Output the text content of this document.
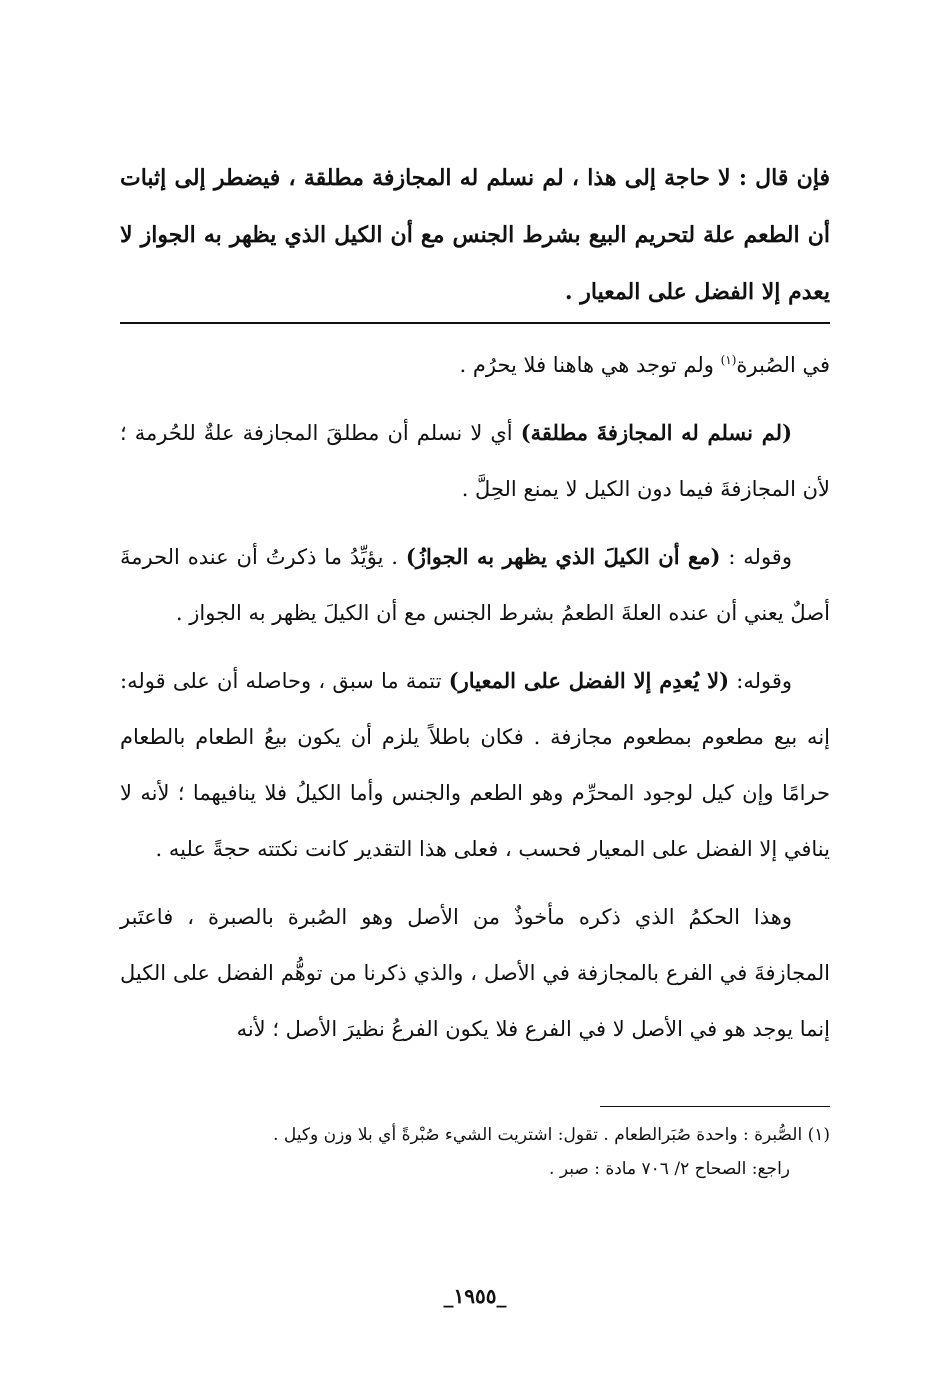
فإن قال : لا حاجة إلى هذا ، لم نسلم له المجازفة مطلقة ، فيضطر إلى إثبات أن الطعم علة لتحريم البيع بشرط الجنس مع أن الكيل الذي يظهر به الجواز لا يعدم إلا الفضل على المعيار .

في الصُبرة$^{(١)}$ ولم توجد هي هاهنا فلا يحرُم .

(لم نسلم له المجازفةَ مطلقة) أي لا نسلم أن مطلقَ المجازفة علةٌ للحُرمة ؛ لأن المجازفةَ فيما دون الكيل لا يمنع الحِلَّ .

وقوله : (مع أن الكيلَ الذي يظهر به الجوازُ) . يؤيِّدُ ما ذكرتُ أن عنده الحرمةَ أصلٌ يعني أن عنده العلةَ الطعمُ بشرط الجنس مع أن الكيلَ يظهر به الجواز .

وقوله: (لا يُعدِم إلا الفضل على المعيار) تتمة ما سبق ، وحاصله أن على قوله: إنه بيع مطعوم بمطعوم مجازفة . فكان باطلاً يلزم أن يكون بيعُ الطعام بالطعام حرامًا وإن كيل لوجود المحرِّم وهو الطعم والجنس وأما الكيلُ فلا ينافيهما ؛ لأنه لا ينافي إلا الفضل على المعيار فحسب ، فعلى هذا التقدير كانت نكتته حجةً عليه .

وهذا الحكمُ الذي ذكره مأخوذٌ من الأصل وهو الصُبرة بالصبرة ، فاعتَبر المجازفةَ في الفرع بالمجازفة في الأصل ، والذي ذكرنا من توهُّم الفضل على الكيل إنما يوجد هو في الأصل لا في الفرع فلا يكون الفرعُ نظيرَ الأصل ؛ لأنه

(١) الصُّبرة : واحدة صُبَرالطعام . تقول: اشتريت الشيء صُبْرةً أي بلا وزن وكيل .

راجع: الصحاح ٢/ ٧٠٦ مادة : صبر .

_١٩٥٥_
